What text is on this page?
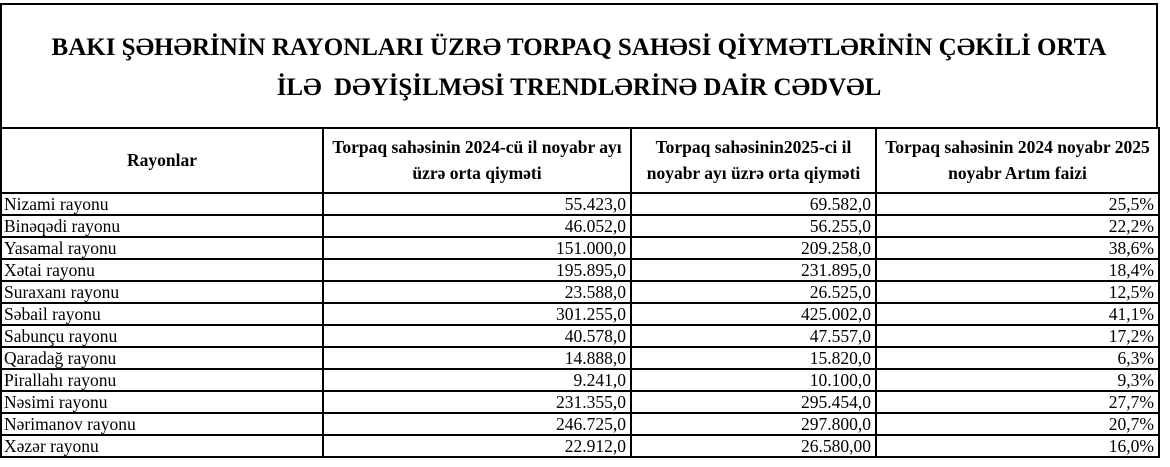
BAKI ŞƏHƏRİNİN RAYONLARI ÜZRƏ TORPAQ SAHƏSİ QİYMƏTLƏRİNİN ÇƏKİLİ ORTA
İLƏ  DƏYİŞİLMƏSİ TRENDLƏRİNƏ DAİR CƏDVƏL
Rayonlar	Torpaq sahəsinin 2024-cü il noyabr ayı üzrə orta qiyməti	Torpaq sahəsinin2025-ci il noyabr ayı üzrə orta qiyməti	Torpaq sahəsinin 2024 noyabr 2025 noyabr Artım faizi
Nizami rayonu	55.423,0	69.582,0	25,5%
Binəqədi rayonu	46.052,0	56.255,0	22,2%
Yasamal rayonu	151.000,0	209.258,0	38,6%
Xətai rayonu	195.895,0	231.895,0	18,4%
Suraxanı rayonu	23.588,0	26.525,0	12,5%
Səbail rayonu	301.255,0	425.002,0	41,1%
Sabunçu rayonu	40.578,0	47.557,0	17,2%
Qaradağ rayonu	14.888,0	15.820,0	6,3%
Pirallahı rayonu	9.241,0	10.100,0	9,3%
Nəsimi rayonu	231.355,0	295.454,0	27,7%
Nərimanov rayonu	246.725,0	297.800,0	20,7%
Xəzər rayonu	22.912,0	26.580,00	16,0%
